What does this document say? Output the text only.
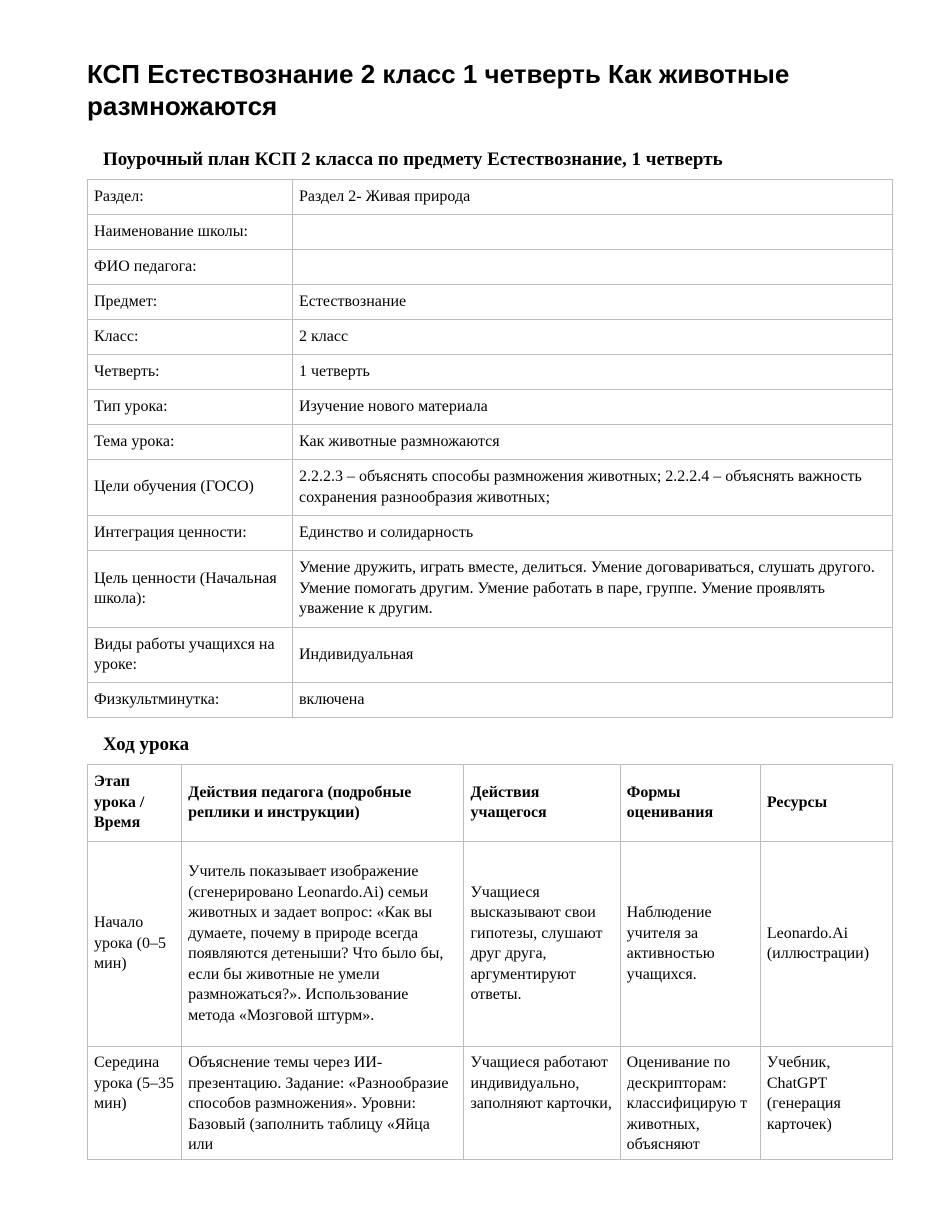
КСП Естествознание 2 класс 1 четверть Как животные размножаются
Поурочный план КСП 2 класса по предмету Естествознание, 1 четверть
Раздел:	Раздел 2- Живая природа
Наименование школы:	
ФИО педагога:	
Предмет:	Естествознание
Класс:	2 класс
Четверть:	1 четверть
Тип урока:	Изучение нового материала
Тема урока:	Как животные размножаются
Цели обучения (ГОСО)	2.2.2.3 – объяснять способы размножения животных; 2.2.2.4 – объяснять важность сохранения разнообразия животных;
Интеграция ценности:	Единство и солидарность
Цель ценности (Начальная школа):	Умение дружить, играть вместе, делиться. Умение договариваться, слушать другого. Умение помогать другим. Умение работать в паре, группе. Умение проявлять уважение к другим.
Виды работы учащихся на уроке:	Индивидуальная
Физкультминутка:	включена
Ход урока
Этап урока / Время	Действия педагога (подробные реплики и инструкции)	Действия учащегося	Формы оценивания	Ресурсы
Начало урока (0–5 мин)	Учитель показывает изображение (сгенерировано Leonardo.Ai) семьи животных и задает вопрос: «Как вы думаете, почему в природе всегда появляются детеныши? Что было бы, если бы животные не умели размножаться?». Использование метода «Мозговой штурм».	Учащиеся высказывают свои гипотезы, слушают друг друга, аргументируют ответы.	Наблюдение учителя за активностью учащихся.	Leonardo.Ai (иллюстрации)

Середина урока (5–35 мин)	Объяснение темы через ИИ-презентацию. Задание: «Разнообразие способов размножения». Уровни: Базовый (заполнить таблицу «Яйца или	Учащиеся работают индивидуально, заполняют карточки,	Оценивание по дескрипторам: классифицирую т животных, объясняют	Учебник, ChatGPT (генерация карточек)
